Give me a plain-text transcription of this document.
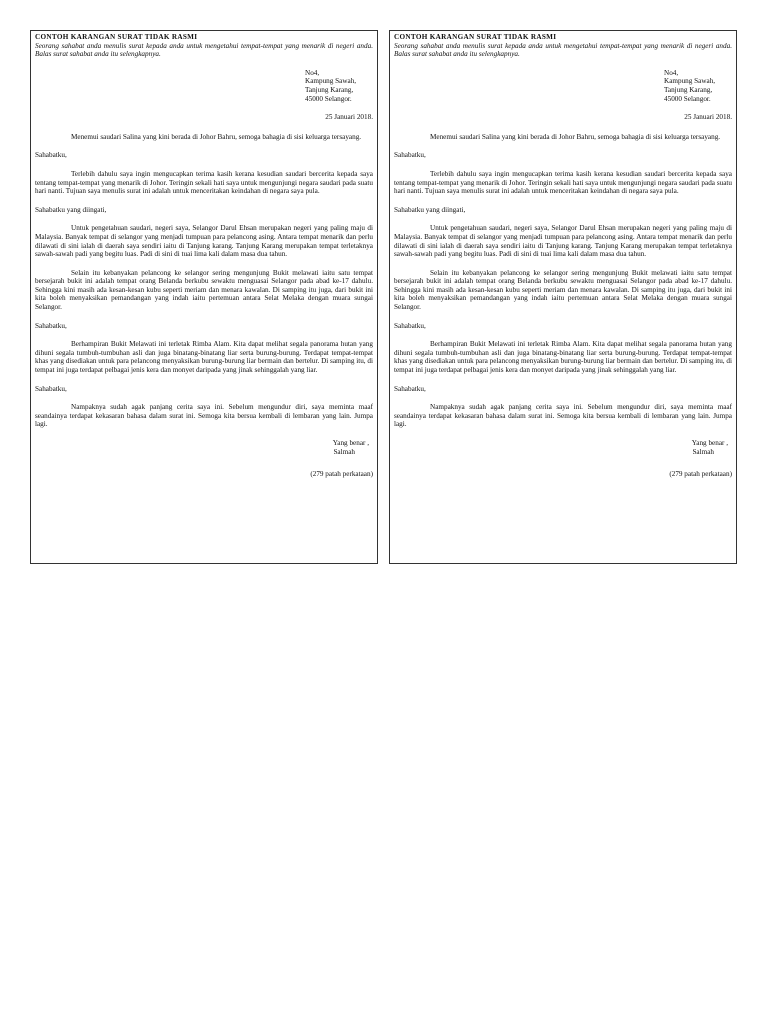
CONTOH KARANGAN SURAT TIDAK RASMI
Seorang sahabat anda menulis surat kepada anda untuk mengetahui tempat-tempat yang menarik di negeri anda. Balas surat sahabat anda itu selengkapnya.
No4,
Kampung Sawah,
Tanjung Karang,
45000 Selangor.
25 Januari 2018.

Menemui saudari Salina yang kini berada di Johor Bahru, semoga bahagia di sisi keluarga tersayang.

Sahabatku,

Terlebih dahulu saya ingin mengucapkan terima kasih kerana kesudian saudari bercerita kepada saya tentang tempat-tempat yang menarik di Johor. Teringin sekali hati saya untuk mengunjungi negara saudari pada suatu hari nanti. Tujuan saya menulis surat ini adalah untuk menceritakan keindahan di negara saya pula.

Sahabatku yang diingati,

Untuk pengetahuan saudari, negeri saya, Selangor Darul Ehsan merupakan negeri yang paling maju di Malaysia. Banyak tempat di selangor yang menjadi tumpuan para pelancong asing. Antara tempat menarik dan perlu dilawati di sini ialah di daerah saya sendiri iaitu di Tanjung karang. Tanjung Karang merupakan tempat terletaknya sawah-sawah padi yang begitu luas. Padi di sini di tuai lima kali dalam masa dua tahun.

Selain itu kebanyakan pelancong ke selangor sering mengunjung Bukit melawati iaitu satu tempat bersejarah bukit ini adalah tempat orang Belanda berkubu sewaktu menguasai Selangor pada abad ke-17 dahulu. Sehingga kini masih ada kesan-kesan kubu seperti meriam dan menara kawalan. Di samping itu juga, dari bukit ini kita boleh menyaksikan pemandangan yang indah iaitu pertemuan antara Selat Melaka dengan muara sungai Selangor.

Sahabatku,

Berhampiran Bukit Melawati ini terletak Rimba Alam. Kita dapat melihat segala panorama hutan yang dihuni segala tumbuh-tumbuhan asli dan juga binatang-binatang liar serta burung-burung. Terdapat tempat-tempat khas yang disediakan untuk para pelancong menyaksikan burung-burung liar bermain dan bertelur. Di samping itu, di tempat ini juga terdapat pelbagai jenis kera dan monyet daripada yang jinak sehinggalah yang liar.

Sahabatku,

Nampaknya sudah agak panjang cerita saya ini. Sebelum mengundur diri, saya meminta maaf seandainya terdapat kekasaran bahasa dalam surat ini. Semoga kita bersua kembali di lembaran yang lain. Jumpa lagi.

Yang benar ,
Salmah
(279 patah perkataan)
CONTOH KARANGAN SURAT TIDAK RASMI
Seorang sahabat anda menulis surat kepada anda untuk mengetahui tempat-tempat yang menarik di negeri anda. Balas surat sahabat anda itu selengkapnya.
No4,
Kampung Sawah,
Tanjung Karang,
45000 Selangor.
25 Januari 2018.

Menemui saudari Salina yang kini berada di Johor Bahru, semoga bahagia di sisi keluarga tersayang.

Sahabatku,

Terlebih dahulu saya ingin mengucapkan terima kasih kerana kesudian saudari bercerita kepada saya tentang tempat-tempat yang menarik di Johor. Teringin sekali hati saya untuk mengunjungi negara saudari pada suatu hari nanti. Tujuan saya menulis surat ini adalah untuk menceritakan keindahan di negara saya pula.

Sahabatku yang diingati,

Untuk pengetahuan saudari, negeri saya, Selangor Darul Ehsan merupakan negeri yang paling maju di Malaysia. Banyak tempat di selangor yang menjadi tumpuan para pelancong asing. Antara tempat menarik dan perlu dilawati di sini ialah di daerah saya sendiri iaitu di Tanjung karang. Tanjung Karang merupakan tempat terletaknya sawah-sawah padi yang begitu luas. Padi di sini di tuai lima kali dalam masa dua tahun.

Selain itu kebanyakan pelancong ke selangor sering mengunjung Bukit melawati iaitu satu tempat bersejarah bukit ini adalah tempat orang Belanda berkubu sewaktu menguasai Selangor pada abad ke-17 dahulu. Sehingga kini masih ada kesan-kesan kubu seperti meriam dan menara kawalan. Di samping itu juga, dari bukit ini kita boleh menyaksikan pemandangan yang indah iaitu pertemuan antara Selat Melaka dengan muara sungai Selangor.

Sahabatku,

Berhampiran Bukit Melawati ini terletak Rimba Alam. Kita dapat melihat segala panorama hutan yang dihuni segala tumbuh-tumbuhan asli dan juga binatang-binatang liar serta burung-burung. Terdapat tempat-tempat khas yang disediakan untuk para pelancong menyaksikan burung-burung liar bermain dan bertelur. Di samping itu, di tempat ini juga terdapat pelbagai jenis kera dan monyet daripada yang jinak sehinggalah yang liar.

Sahabatku,

Nampaknya sudah agak panjang cerita saya ini. Sebelum mengundur diri, saya meminta maaf seandainya terdapat kekasaran bahasa dalam surat ini. Semoga kita bersua kembali di lembaran yang lain. Jumpa lagi.

Yang benar ,
Salmah
(279 patah perkataan)
